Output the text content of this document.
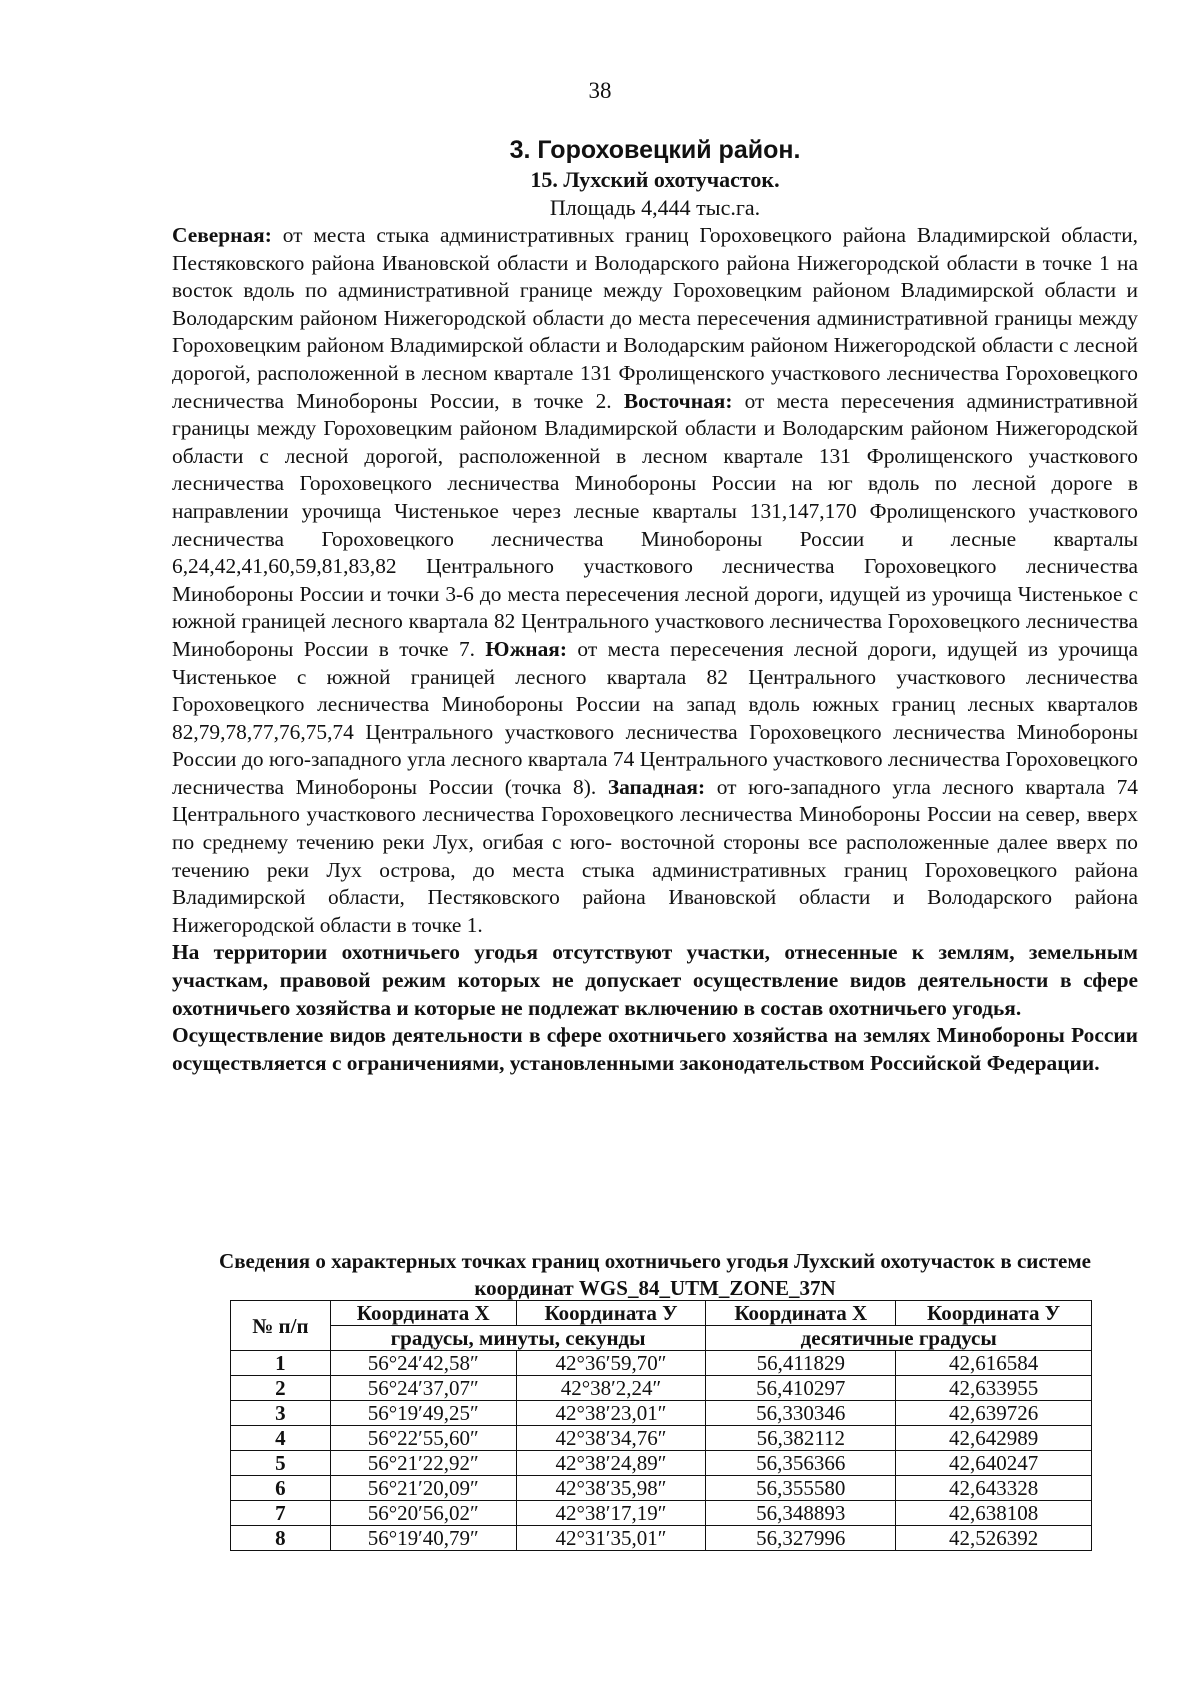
38
3. Гороховецкий район.
15. Лухский охотучасток.
Площадь 4,444 тыс.га.

Северная: от места стыка административных границ Гороховецкого района Владимирской области, Пестяковского района Ивановской области и Володарского района Нижегородской области в точке 1 на восток вдоль по административной границе между Гороховецким районом Владимирской области и Володарским районом Нижегородской области до места пересечения административной границы между Гороховецким районом Владимирской области и Володарским районом Нижегородской области с лесной дорогой, расположенной в лесном квартале 131 Фролищенского участкового лесничества Гороховецкого лесничества Минобороны России, в точке 2. Восточная: от места пересечения административной границы между Гороховецким районом Владимирской области и Володарским районом Нижегородской области с лесной дорогой, расположенной в лесном квартале 131 Фролищенского участкового лесничества Гороховецкого лесничества Минобороны России на юг вдоль по лесной дороге в направлении урочища Чистенькое через лесные кварталы 131,147,170 Фролищенского участкового лесничества Гороховецкого лесничества Минобороны России и лесные кварталы 6,24,42,41,60,59,81,83,82 Центрального участкового лесничества Гороховецкого лесничества Минобороны России и точки 3-6 до места пересечения лесной дороги, идущей из урочища Чистенькое с южной границей лесного квартала 82 Центрального участкового лесничества Гороховецкого лесничества Минобороны России в точке 7. Южная: от места пересечения лесной дороги, идущей из урочища Чистенькое с южной границей лесного квартала 82 Центрального участкового лесничества Гороховецкого лесничества Минобороны России на запад вдоль южных границ лесных кварталов 82,79,78,77,76,75,74 Центрального участкового лесничества Гороховецкого лесничества Минобороны России до юго-западного угла лесного квартала 74 Центрального участкового лесничества Гороховецкого лесничества Минобороны России (точка 8). Западная: от юго-западного угла лесного квартала 74 Центрального участкового лесничества Гороховецкого лесничества Минобороны России на север, вверх по среднему течению реки Лух, огибая с юго- восточной стороны все расположенные далее вверх по течению реки Лух острова, до места стыка административных границ Гороховецкого района Владимирской области, Пестяковского района Ивановской области и Володарского района Нижегородской области в точке 1.

На территории охотничьего угодья отсутствуют участки, отнесенные к землям, земельным участкам, правовой режим которых не допускает осуществление видов деятельности в сфере охотничьего хозяйства и которые не подлежат включению в состав охотничьего угодья.

Осуществление видов деятельности в сфере охотничьего хозяйства на землях Минобороны России осуществляется с ограничениями, установленными законодательством Российской Федерации.

Сведения о характерных точках границ охотничьего угодья Лухский охотучасток в системе координат WGS_84_UTM_ZONE_37N
№ п/п	Координата X	Координата У	Координата X	Координата У
	градусы, минуты, секунды		десятичные градусы	
1	56°24′42,58″	42°36′59,70″	56,411829	42,616584
2	56°24′37,07″	42°38′2,24″	56,410297	42,633955
3	56°19′49,25″	42°38′23,01″	56,330346	42,639726
4	56°22′55,60″	42°38′34,76″	56,382112	42,642989
5	56°21′22,92″	42°38′24,89″	56,356366	42,640247
6	56°21′20,09″	42°38′35,98″	56,355580	42,643328
7	56°20′56,02″	42°38′17,19″	56,348893	42,638108
8	56°19′40,79″	42°31′35,01″	56,327996	42,526392
